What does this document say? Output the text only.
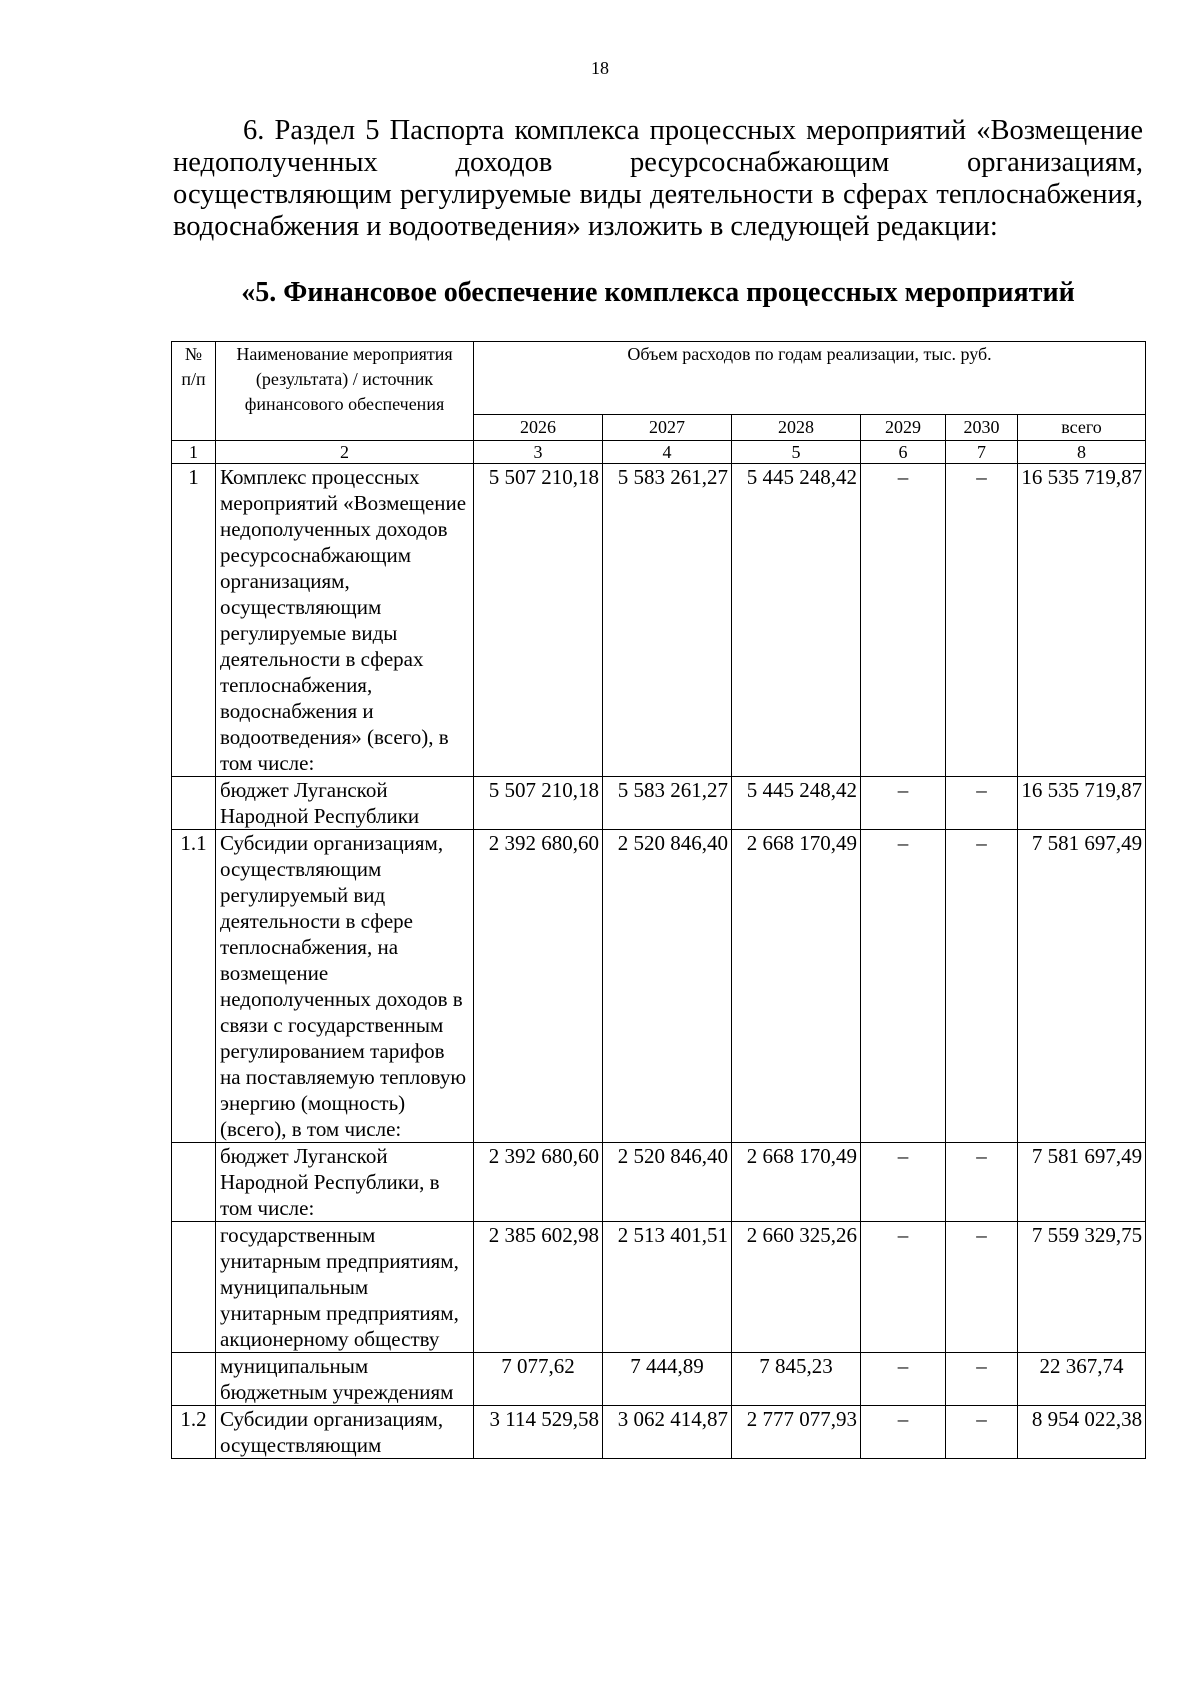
18

6. Раздел 5 Паспорта комплекса процессных мероприятий «Возмещение недополученных доходов ресурсоснабжающим организациям, осуществляющим регулируемые виды деятельности в сферах теплоснабжения, водоснабжения и водоотведения» изложить в следующей редакции:

«5. Финансовое обеспечение комплекса процессных мероприятий

№ п/п	Наименование мероприятия (результата) / источник финансового обеспечения	Объем расходов по годам реализации, тыс. руб.					
		2026	2027	2028	2029	2030	всего
1	2	3	4	5	6	7	8
1	Комплекс процессных мероприятий «Возмещение недополученных доходов ресурсоснабжающим организациям, осуществляющим регулируемые виды деятельности в сферах теплоснабжения, водоснабжения и водоотведения» (всего), в том числе:	5 507 210,18	5 583 261,27	5 445 248,42	–	–	16 535 719,87
	бюджет Луганской Народной Республики	5 507 210,18	5 583 261,27	5 445 248,42	–	–	16 535 719,87
1.1	Субсидии организациям, осуществляющим регулируемый вид деятельности в сфере теплоснабжения, на возмещение недополученных доходов в связи с государственным регулированием тарифов на поставляемую тепловую энергию (мощность) (всего), в том числе:	2 392 680,60	2 520 846,40	2 668 170,49	–	–	7 581 697,49
	бюджет Луганской Народной Республики, в том числе:	2 392 680,60	2 520 846,40	2 668 170,49	–	–	7 581 697,49
	государственным унитарным предприятиям, муниципальным унитарным предприятиям, акционерному обществу	2 385 602,98	2 513 401,51	2 660 325,26	–	–	7 559 329,75
	муниципальным бюджетным учреждениям	7 077,62	7 444,89	7 845,23	–	–	22 367,74
1.2	Субсидии организациям, осуществляющим	3 114 529,58	3 062 414,87	2 777 077,93	–	–	8 954 022,38
